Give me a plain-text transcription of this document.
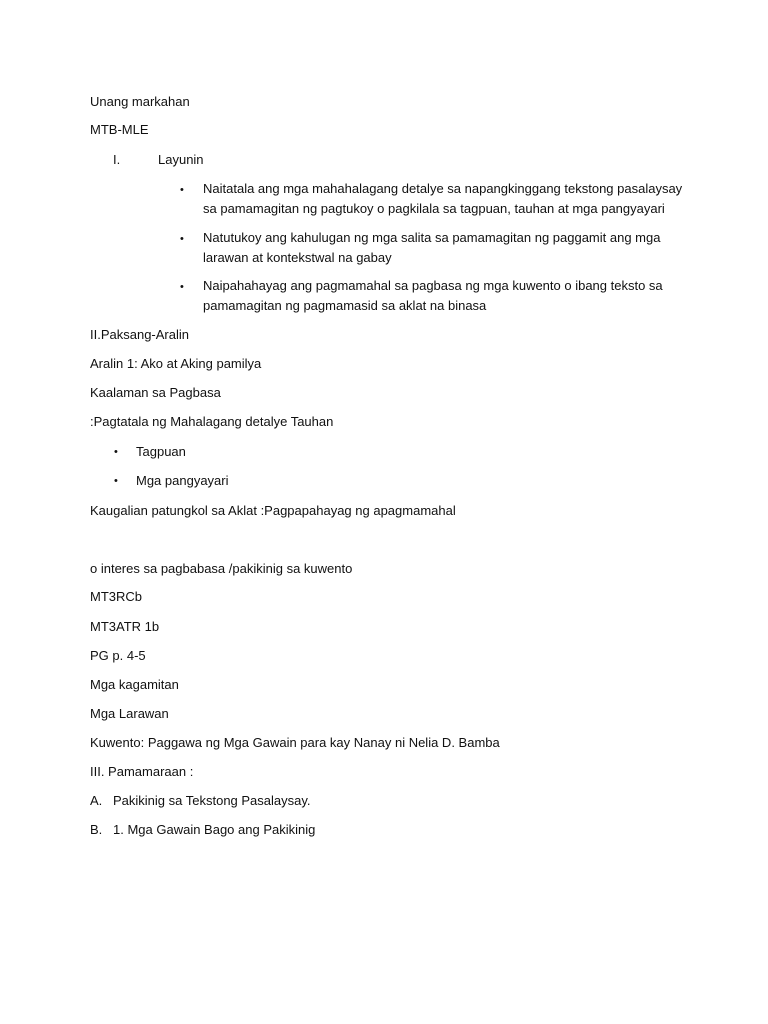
Unang markahan
MTB-MLE
I.	Layunin
• Naitatala ang mga mahahalagang detalye sa napangkinggang tekstong pasalaysay
sa pamamagitan ng pagtukoy o pagkilala sa tagpuan, tauhan at mga pangyayari
• Natutukoy ang kahulugan ng mga salita sa pamamagitan ng paggamit ang mga
larawan at kontekstwal na gabay
• Naipahahayag ang pagmamahal sa pagbasa ng mga kuwento o ibang teksto sa
pamamagitan ng pagmamasid sa aklat na binasa
II.Paksang-Aralin
Aralin 1: Ako at Aking pamilya
Kaalaman sa Pagbasa
:Pagtatala ng Mahalagang detalye Tauhan
• Tagpuan
• Mga pangyayari
Kaugalian patungkol sa Aklat :Pagpapahayag ng apagmamahal
o interes sa pagbabasa /pakikinig sa kuwento
MT3RCb
MT3ATR 1b
PG p. 4-5
Mga kagamitan
Mga Larawan
Kuwento: Paggawa ng Mga Gawain para kay Nanay ni Nelia D. Bamba
III. Pamamaraan :
A. Pakikinig sa Tekstong Pasalaysay.
B. 1. Mga Gawain Bago ang Pakikinig
